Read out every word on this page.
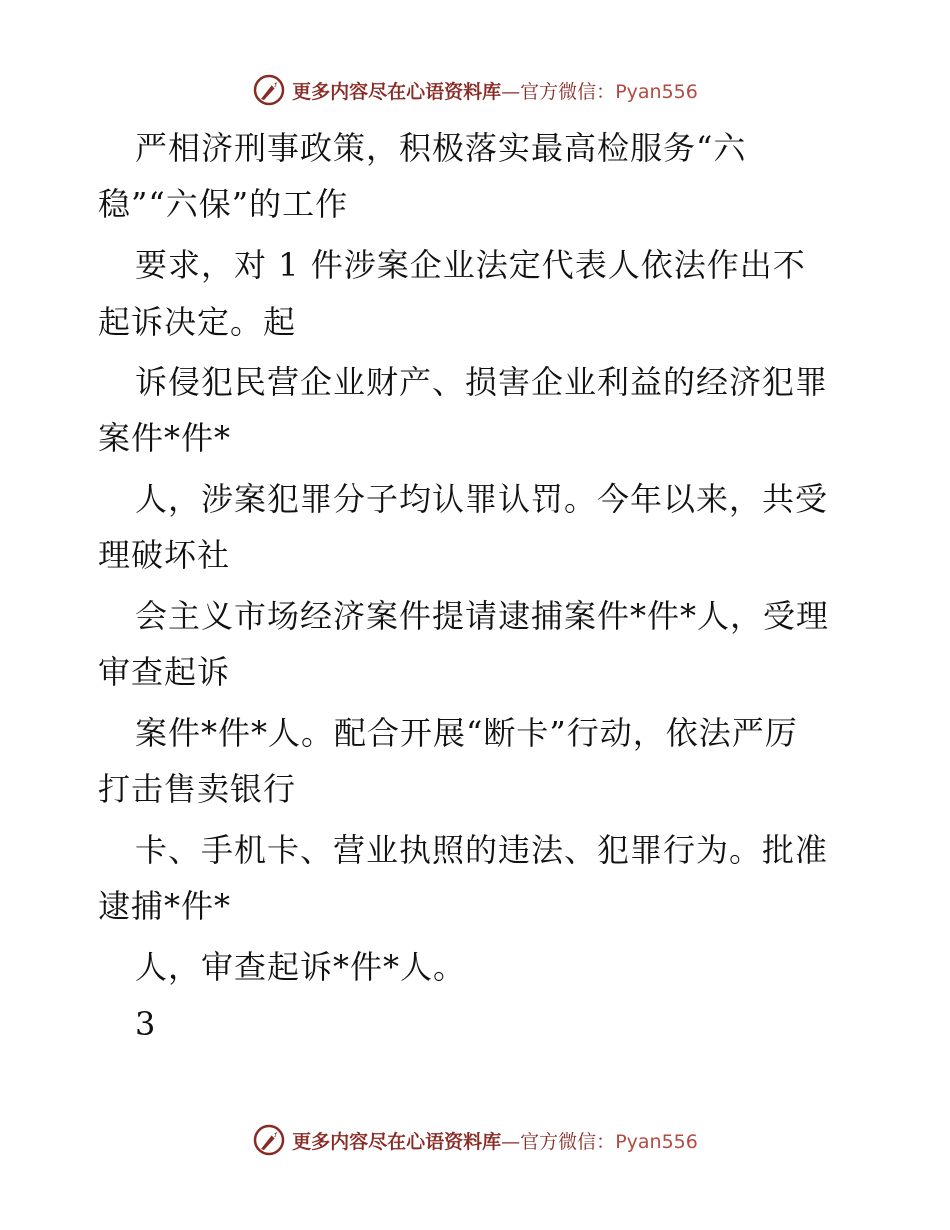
更多内容尽在心语资料库—官方微信：Pyan556
严相济刑事政策，积极落实最高检服务“六
稳”“六保”的工作
要求，对 1 件涉案企业法定代表人依法作出不
起诉决定。起
诉侵犯民营企业财产、损害企业利益的经济犯罪
案件*件*
人，涉案犯罪分子均认罪认罚。今年以来，共受
理破坏社
会主义市场经济案件提请逮捕案件*件*人，受理
审查起诉
案件*件*人。配合开展“断卡”行动，依法严厉
打击售卖银行
卡、手机卡、营业执照的违法、犯罪行为。批准
逮捕*件*
人，审查起诉*件*人。
3
更多内容尽在心语资料库—官方微信：Pyan556
